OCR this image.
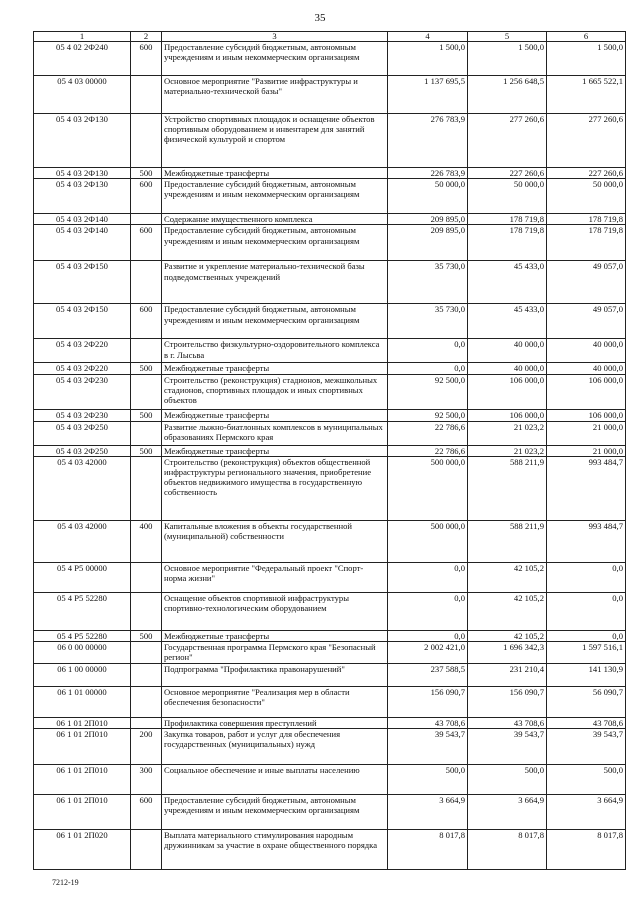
35
1	2	3	4	5	6
05 4 02 2Ф240	600	Предоставление субсидий бюджетным, автономным учреждениям и иным некоммерческим организациям	1 500,0	1 500,0	1 500,0
05 4 03 00000		Основное мероприятие "Развитие инфраструктуры и материально-технической базы"	1 137 695,5	1 256 648,5	1 665 522,1
05 4 03 2Ф130		Устройство спортивных площадок и оснащение объектов спортивным оборудованием и инвентарем для занятий физической культурой и спортом	276 783,9	277 260,6	277 260,6
05 4 03 2Ф130	500	Межбюджетные трансферты	226 783,9	227 260,6	227 260,6
05 4 03 2Ф130	600	Предоставление субсидий бюджетным, автономным учреждениям и иным некоммерческим организациям	50 000,0	50 000,0	50 000,0
05 4 03 2Ф140		Содержание имущественного комплекса	209 895,0	178 719,8	178 719,8
05 4 03 2Ф140	600	Предоставление субсидий бюджетным, автономным учреждениям и иным некоммерческим организациям	209 895,0	178 719,8	178 719,8
05 4 03 2Ф150		Развитие и укрепление материально-технической базы подведомственных учреждений	35 730,0	45 433,0	49 057,0
05 4 03 2Ф150	600	Предоставление субсидий бюджетным, автономным учреждениям и иным некоммерческим организациям	35 730,0	45 433,0	49 057,0
05 4 03 2Ф220		Строительство физкультурно-оздоровительного комплекса в г. Лысьва	0,0	40 000,0	40 000,0
05 4 03 2Ф220	500	Межбюджетные трансферты	0,0	40 000,0	40 000,0
05 4 03 2Ф230		Строительство (реконструкция) стадионов, межшкольных стадионов, спортивных площадок и иных спортивных объектов	92 500,0	106 000,0	106 000,0
05 4 03 2Ф230	500	Межбюджетные трансферты	92 500,0	106 000,0	106 000,0
05 4 03 2Ф250		Развитие лыжно-биатлонных комплексов в муниципальных образованиях Пермского края	22 786,6	21 023,2	21 000,0
05 4 03 2Ф250	500	Межбюджетные трансферты	22 786,6	21 023,2	21 000,0
05 4 03 42000		Строительство (реконструкция) объектов общественной инфраструктуры регионального значения, приобретение объектов недвижимого имущества в государственную собственность	500 000,0	588 211,9	993 484,7
05 4 03 42000	400	Капитальные вложения в объекты государственной (муниципальной) собственности	500 000,0	588 211,9	993 484,7
05 4 P5 00000		Основное мероприятие "Федеральный проект "Спорт-норма жизни"	0,0	42 105,2	0,0
05 4 P5 52280		Оснащение объектов спортивной инфраструктуры спортивно-технологическим оборудованием	0,0	42 105,2	0,0
05 4 P5 52280	500	Межбюджетные трансферты	0,0	42 105,2	0,0
06 0 00 00000		Государственная программа Пермского края "Безопасный регион"	2 002 421,0	1 696 342,3	1 597 516,1
06 1 00 00000		Подпрограмма "Профилактика правонарушений"	237 588,5	231 210,4	141 130,9
06 1 01 00000		Основное мероприятие "Реализация мер в области обеспечения безопасности"	156 090,7	156 090,7	56 090,7
06 1 01 2П010		Профилактика совершения преступлений	43 708,6	43 708,6	43 708,6
06 1 01 2П010	200	Закупка товаров, работ и услуг для обеспечения государственных (муниципальных) нужд	39 543,7	39 543,7	39 543,7
06 1 01 2П010	300	Социальное обеспечение и иные выплаты населению	500,0	500,0	500,0
06 1 01 2П010	600	Предоставление субсидий бюджетным, автономным учреждениям и иным некоммерческим организациям	3 664,9	3 664,9	3 664,9
06 1 01 2П020		Выплата материального стимулирования народным дружинникам за участие в охране общественного порядка	8 017,8	8 017,8	8 017,8
7212-19
